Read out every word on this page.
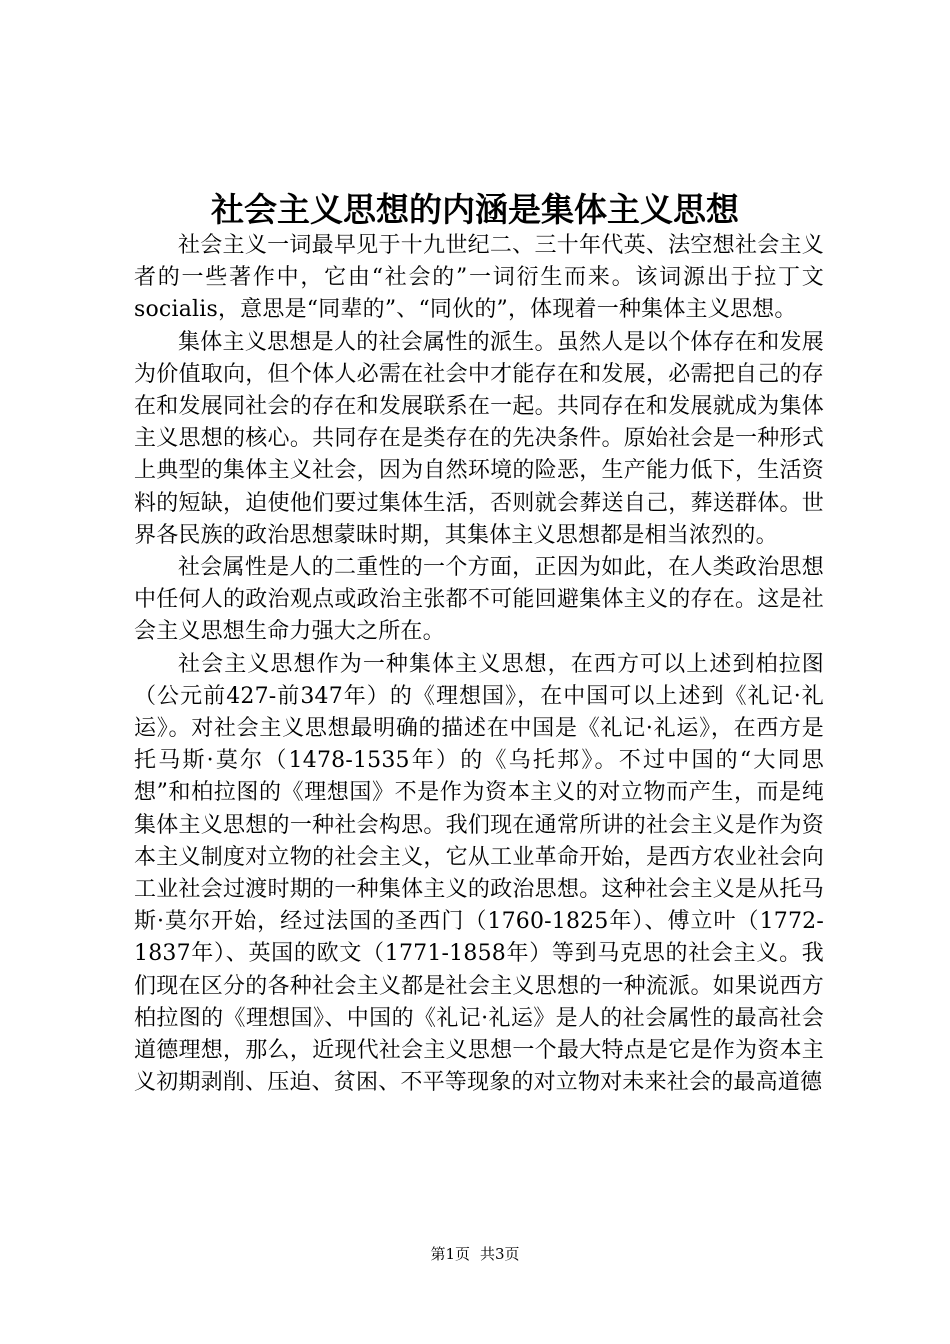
社会主义思想的内涵是集体主义思想

社会主义一词最早见于十九世纪二、三十年代英、法空想社会主义者的一些著作中，它由“社会的”一词衍生而来。该词源出于拉丁文socialis，意思是“同辈的”、“同伙的”，体现着一种集体主义思想。

集体主义思想是人的社会属性的派生。虽然人是以个体存在和发展为价值取向，但个体人必需在社会中才能存在和发展，必需把自己的存在和发展同社会的存在和发展联系在一起。共同存在和发展就成为集体主义思想的核心。共同存在是类存在的先决条件。原始社会是一种形式上典型的集体主义社会，因为自然环境的险恶，生产能力低下，生活资料的短缺，迫使他们要过集体生活，否则就会葬送自己，葬送群体。世界各民族的政治思想蒙昧时期，其集体主义思想都是相当浓烈的。

社会属性是人的二重性的一个方面，正因为如此，在人类政治思想中任何人的政治观点或政治主张都不可能回避集体主义的存在。这是社会主义思想生命力强大之所在。

社会主义思想作为一种集体主义思想，在西方可以上述到柏拉图（公元前427-前347年）的《理想国》，在中国可以上述到《礼记·礼运》。对社会主义思想最明确的描述在中国是《礼记·礼运》，在西方是托马斯·莫尔（1478-1535年）的《乌托邦》。不过中国的“大同思想”和柏拉图的《理想国》不是作为资本主义的对立物而产生，而是纯集体主义思想的一种社会构思。我们现在通常所讲的社会主义是作为资本主义制度对立物的社会主义，它从工业革命开始，是西方农业社会向工业社会过渡时期的一种集体主义的政治思想。这种社会主义是从托马斯·莫尔开始，经过法国的圣西门（1760-1825年）、傅立叶（1772-1837年）、英国的欧文（1771-1858年）等到马克思的社会主义。我们现在区分的各种社会主义都是社会主义思想的一种流派。如果说西方柏拉图的《理想国》、中国的《礼记·礼运》是人的社会属性的最高社会道德理想，那么，近现代社会主义思想一个最大特点是它是作为资本主义初期剥削、压迫、贫困、不平等现象的对立物对未来社会的最高道德

第1页 共3页
